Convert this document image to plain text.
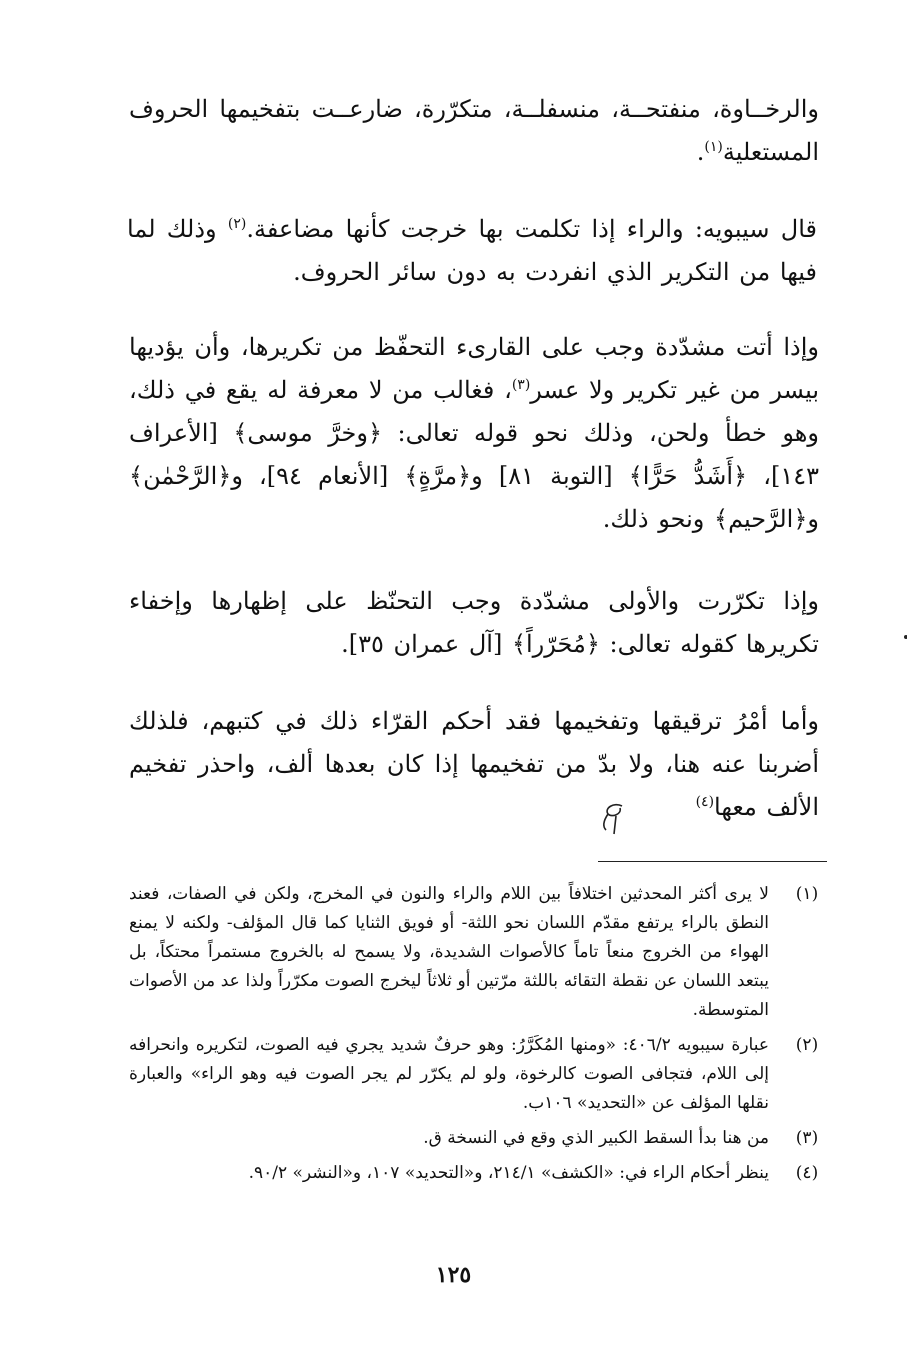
والرخــاوة، منفتحــة، منسفلــة، متكرّرة، ضارعــت بتفخيمها الحروف المستعلية$^{(١)}$.

قال سيبويه: والراء إذا تكلمت بها خرجت كأنها مضاعفة.$^{(٢)}$ وذلك لما فيها من التكرير الذي انفردت به دون سائر الحروف.

وإذا أتت مشدّدة وجب على القارىء التحفّظ من تكريرها، وأن يؤديها بيسر من غير تكرير ولا عسر$^{(٣)}$، فغالب من لا معرفة له يقع في ذلك، وهو خطأ ولحن، وذلك نحو قوله تعالى: ﴿وخرَّ موسى﴾ [الأعراف ١٤٣]، ﴿أَشَدُّ حَرًّا﴾ [التوبة ٨١] و﴿مرَّةٍ﴾ [الأنعام ٩٤]، و﴿الرَّحْمٰن﴾ و﴿الرَّحيم﴾ ونحو ذلك.

وإذا تكرّرت والأولى مشدّدة وجب التحنّظ على إظهارها وإخفاء تكريرها كقوله تعالى: ﴿مُحَرّراً﴾ [آل عمران ٣٥].

وأما أمْرُ ترقيقها وتفخيمها فقد أحكم القرّاء ذلك في كتبهم، فلذلك أضربنا عنه هنا، ولا بدّ من تفخيمها إذا كان بعدها ألف، واحذر تفخيم الألف معها$^{(٤)}$

(١)
لا يرى أكثر المحدثين اختلافاً بين اللام والراء والنون في المخرج، ولكن في الصفات، فعند النطق بالراء يرتفع مقدّم اللسان نحو اللثة- أو فويق الثنايا كما قال المؤلف- ولكنه لا يمنع الهواء من الخروج منعاً تاماً كالأصوات الشديدة، ولا يسمح له بالخروج مستمراً محتكاً، بل يبتعد اللسان عن نقطة التقائه باللثة مرّتين أو ثلاثاً ليخرج الصوت مكرّراً ولذا عد من الأصوات المتوسطة.

(٢)
عبارة سيبويه ٤٠٦/٢: «ومنها المُكَرَّرُ: وهو حرفٌ شديد يجري فيه الصوت، لتكريره وانحرافه إلى اللام، فتجافى الصوت كالرخوة، ولو لم يكرّر لم يجر الصوت فيه وهو الراء» والعبارة نقلها المؤلف عن «التحديد» ١٠٦ب.

(٣)
من هنا بدأ السقط الكبير الذي وقع في النسخة ق.

(٤)
ينظر أحكام الراء في: «الكشف» ٢١٤/١، و«التحديد» ١٠٧، و«النشر» ٩٠/٢.

١٢٥
